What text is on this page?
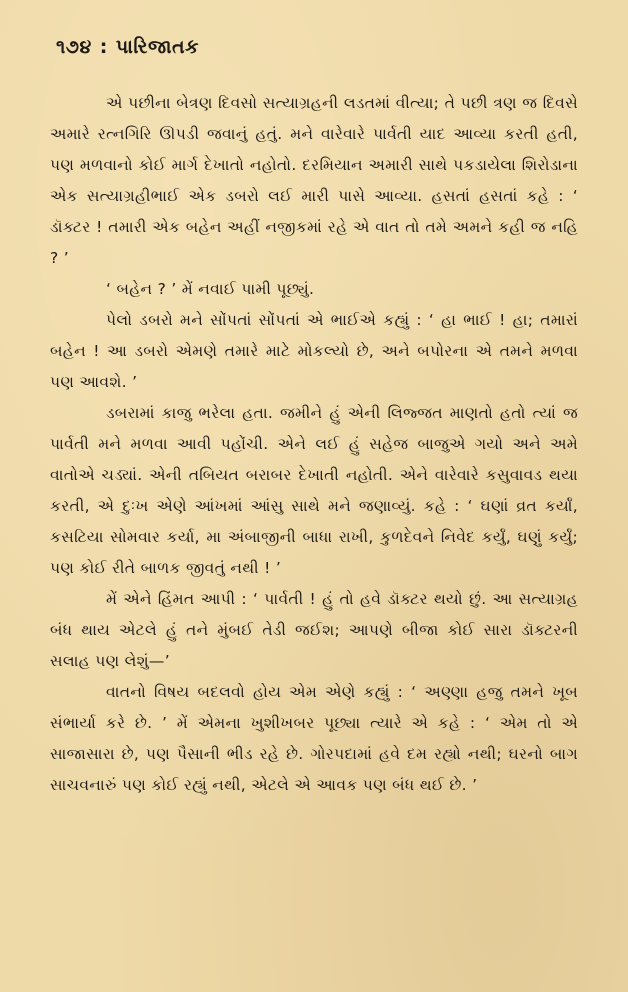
૧૭૪ : પારિજાતક

એ પછીના બેત્રણ દિવસો સત્યાગ્રહની લડતમાં વીત્યા; તે પછી ત્રણ જ દિવસે અમારે રત્નગિરિ ઊપડી જવાનું હતું. મને વારેવારે પાર્વતી યાદ આવ્યા કરતી હતી, પણ મળવાનો કોઈ માર્ગ દેખાતો નહોતો. દરમિયાન અમારી સાથે પકડાયેલા શિરોડાના એક સત્યાગ્રહીભાઈ એક ડબરો લઈ મારી પાસે આવ્યા. હસતાં હસતાં કહે : ‘ ડૉક્ટર ! તમારી એક બહેન અહીં નજીકમાં રહે એ વાત તો તમે અમને કહી જ નહિ ? ’

‘ બહેન ? ’ મેં નવાઈ પામી પૂછ્યું.

પેલો ડબરો મને સોંપતાં સોંપતાં એ ભાઈએ કહ્યું : ‘ હા ભાઈ ! હા; તમારાં બહેન ! આ ડબરો એમણે તમારે માટે મોકલ્યો છે, અને બપોરના એ તમને મળવા પણ આવશે. ’

ડબરામાં કાજુ ભરેલા હતા. જમીને હું એની લિજ્જત માણતો હતો ત્યાં જ પાર્વતી મને મળવા આવી પહોંચી. એને લઈ હું સહેજ બાજુએ ગયો અને અમે વાતોએ ચડ્યાં. એની તબિયત બરાબર દેખાતી નહોતી. એને વારેવારે કસુવાવડ થયા કરતી, એ દુઃખ એણે આંખમાં આંસુ સાથે મને જણાવ્યું. કહે : ‘ ઘણાં વ્રત કર્યાં, કસટિયા સોમવાર કર્યા, મા અંબાજીની બાધા રાખી, કુળદેવને નિવેદ કર્યું, ઘણું કર્યું; પણ કોઈ રીતે બાળક જીવતું નથી ! ’

મેં એને હિંમત આપી : ‘ પાર્વતી ! હું તો હવે ડૉક્ટર થયો છું. આ સત્યાગ્રહ બંધ થાય એટલે હું તને મુંબઈ તેડી જઈશ; આપણે બીજા કોઈ સારા ડૉક્ટરની સલાહ પણ લેશું—’

વાતનો વિષય બદલવો હોય એમ એણે કહ્યું : ‘ અણ્ણા હજુ તમને ખૂબ સંભાર્યા કરે છે. ’ મેં એમના ખુશીખબર પૂછ્યા ત્યારે એ કહે : ‘ એમ તો એ સાજાસારા છે, પણ પૈસાની ભીડ રહે છે. ગોરપદામાં હવે દમ રહ્યો નથી; ઘરનો બાગ સાચવનારું પણ કોઈ રહ્યું નથી, એટલે એ આવક પણ બંધ થઈ છે. ’
